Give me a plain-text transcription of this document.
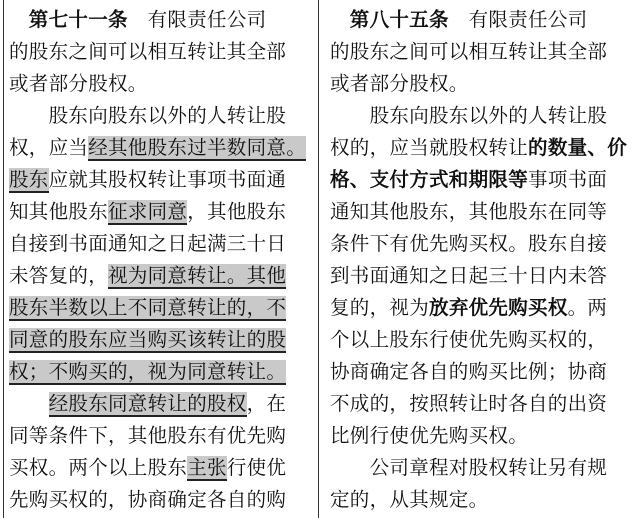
　第七十一条　有限责任公司
的股东之间可以相互转让其全部
或者部分股权。
　　股东向股东以外的人转让股
权，应当经其他股东过半数同意。
股东应就其股权转让事项书面通
知其他股东征求同意，其他股东
自接到书面通知之日起满三十日
未答复的，视为同意转让。其他
股东半数以上不同意转让的，不
同意的股东应当购买该转让的股
权；不购买的，视为同意转让。
　　经股东同意转让的股权，在
同等条件下，其他股东有优先购
买权。两个以上股东主张行使优
先购买权的，协商确定各自的购
　第八十五条　有限责任公司
的股东之间可以相互转让其全部
或者部分股权。
　　股东向股东以外的人转让股
权的，应当就股权转让的数量、价
格、支付方式和期限等事项书面
通知其他股东，其他股东在同等
条件下有优先购买权。股东自接
到书面通知之日起三十日内未答
复的，视为放弃优先购买权。两
个以上股东行使优先购买权的，
协商确定各自的购买比例；协商
不成的，按照转让时各自的出资
比例行使优先购买权。
　　公司章程对股权转让另有规
定的，从其规定。
